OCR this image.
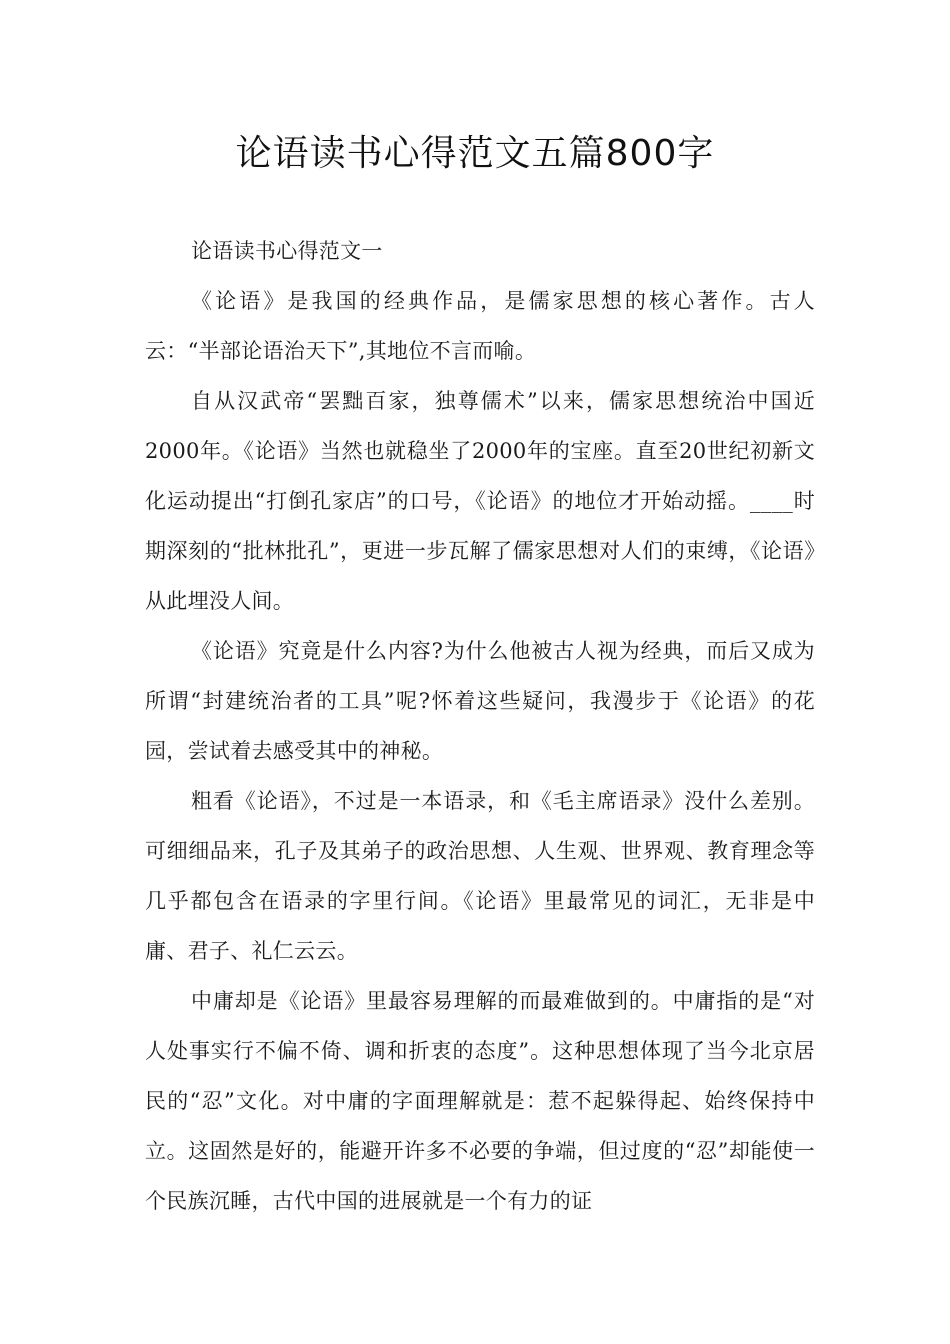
论语读书心得范文五篇800字

论语读书心得范文一

《论语》是我国的经典作品，是儒家思想的核心著作。古人云：“半部论语治天下”,其地位不言而喻。

自从汉武帝“罢黜百家，独尊儒术”以来，儒家思想统治中国近2000年。《论语》当然也就稳坐了2000年的宝座。直至20世纪初新文化运动提出“打倒孔家店”的口号，《论语》的地位才开始动摇。____时期深刻的“批林批孔”，更进一步瓦解了儒家思想对人们的束缚，《论语》从此埋没人间。

《论语》究竟是什么内容?为什么他被古人视为经典，而后又成为所谓“封建统治者的工具”呢?怀着这些疑问，我漫步于《论语》的花园，尝试着去感受其中的神秘。

粗看《论语》，不过是一本语录，和《毛主席语录》没什么差别。可细细品来，孔子及其弟子的政治思想、人生观、世界观、教育理念等几乎都包含在语录的字里行间。《论语》里最常见的词汇，无非是中庸、君子、礼仁云云。

中庸却是《论语》里最容易理解的而最难做到的。中庸指的是“对人处事实行不偏不倚、调和折衷的态度”。这种思想体现了当今北京居民的“忍”文化。对中庸的字面理解就是：惹不起躲得起、始终保持中立。这固然是好的，能避开许多不必要的争端，但过度的“忍”却能使一个民族沉睡，古代中国的进展就是一个有力的证
